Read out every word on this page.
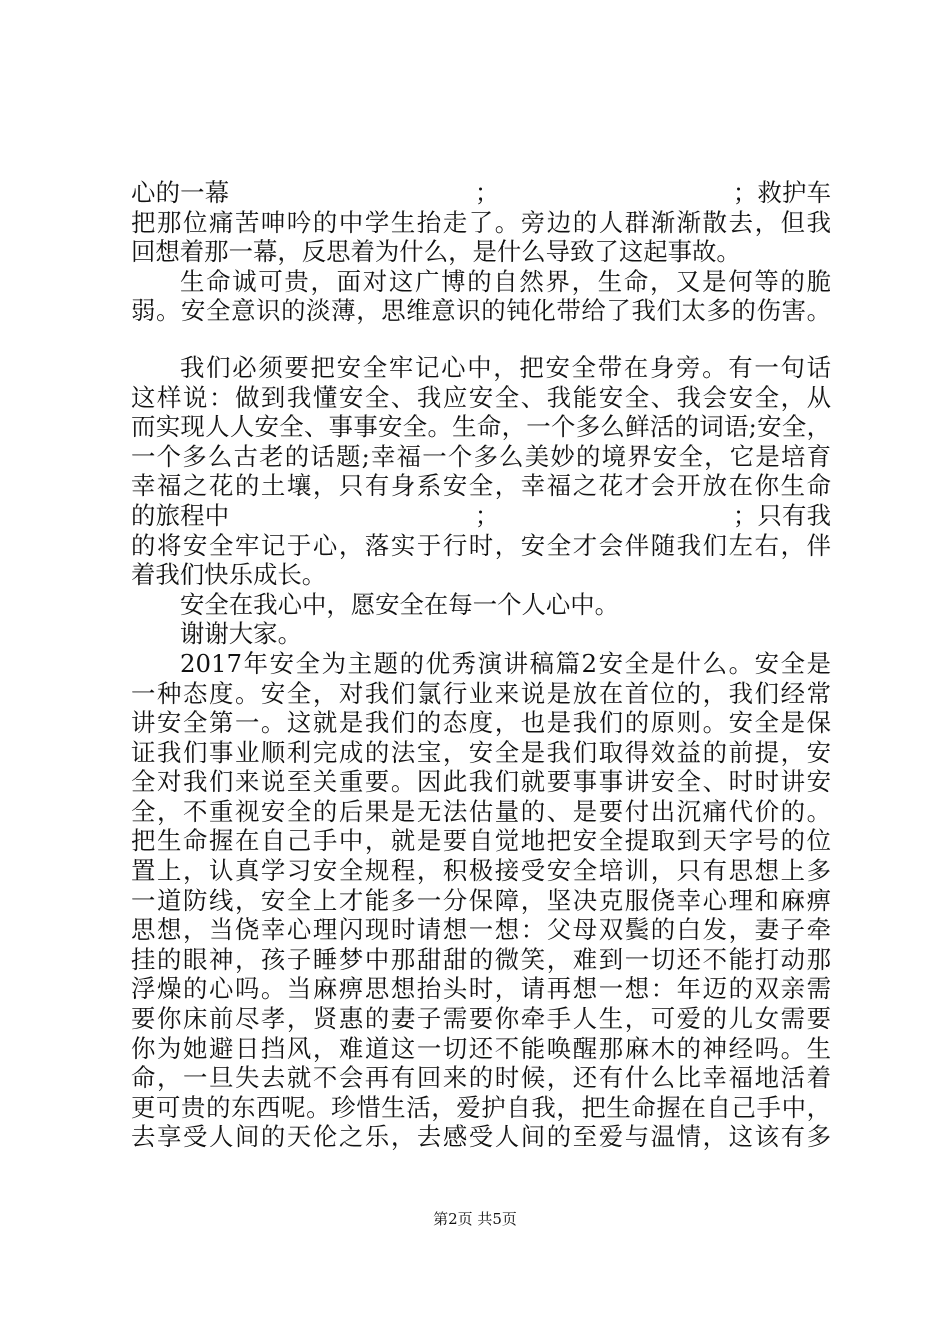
心的一幕　　　　　　　　　　；　　　　　　　　　　；救护车
把那位痛苦呻吟的中学生抬走了。旁边的人群渐渐散去，但我
回想着那一幕，反思着为什么，是什么导致了这起事故。
生命诚可贵，面对这广博的自然界，生命，又是何等的脆
弱。安全意识的淡薄，思维意识的钝化带给了我们太多的伤害。
我们必须要把安全牢记心中，把安全带在身旁。有一句话
这样说：做到我懂安全、我应安全、我能安全、我会安全，从
而实现人人安全、事事安全。生命，一个多么鲜活的词语;安全，
一个多么古老的话题;幸福一个多么美妙的境界安全，它是培育
幸福之花的土壤，只有身系安全，幸福之花才会开放在你生命
的旅程中　　　　　　　　　　；　　　　　　　　　　；只有我
的将安全牢记于心，落实于行时，安全才会伴随我们左右，伴
着我们快乐成长。
安全在我心中，愿安全在每一个人心中。
谢谢大家。
2017年安全为主题的优秀演讲稿篇2安全是什么。安全是
一种态度。安全，对我们氯行业来说是放在首位的，我们经常
讲安全第一。这就是我们的态度，也是我们的原则。安全是保
证我们事业顺利完成的法宝，安全是我们取得效益的前提，安
全对我们来说至关重要。因此我们就要事事讲安全、时时讲安
全，不重视安全的后果是无法估量的、是要付出沉痛代价的。
把生命握在自己手中，就是要自觉地把安全提取到天字号的位
置上，认真学习安全规程，积极接受安全培训，只有思想上多
一道防线，安全上才能多一分保障，坚决克服侥幸心理和麻痹
思想，当侥幸心理闪现时请想一想：父母双鬓的白发，妻子牵
挂的眼神，孩子睡梦中那甜甜的微笑，难到一切还不能打动那
浮燥的心吗。当麻痹思想抬头时，请再想一想：年迈的双亲需
要你床前尽孝，贤惠的妻子需要你牵手人生，可爱的儿女需要
你为她避日挡风，难道这一切还不能唤醒那麻木的神经吗。生
命，一旦失去就不会再有回来的时候，还有什么比幸福地活着
更可贵的东西呢。珍惜生活，爱护自我，把生命握在自己手中，
去享受人间的天伦之乐，去感受人间的至爱与温情，这该有多
第2页 共5页
